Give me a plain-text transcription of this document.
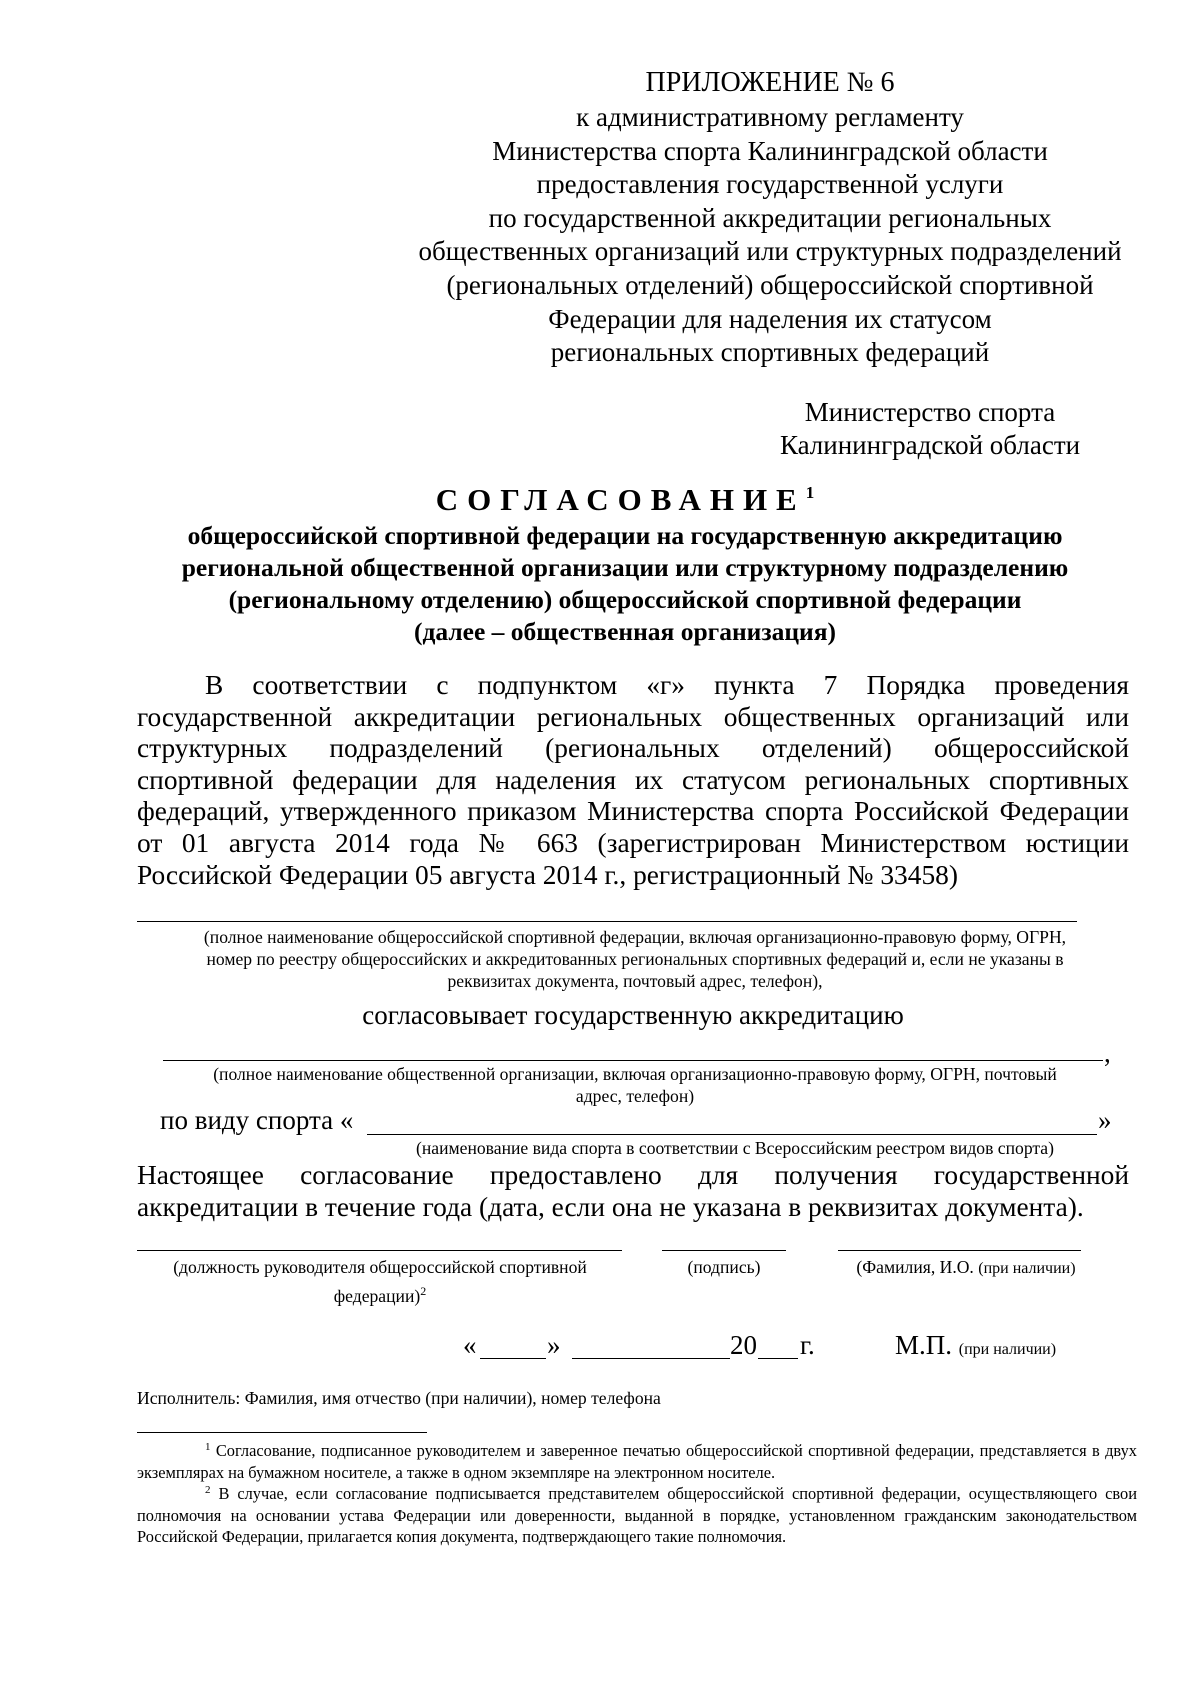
ПРИЛОЖЕНИЕ № 6
к административному регламенту
Министерства спорта Калининградской области
предоставления государственной услуги
по государственной аккредитации региональных
общественных организаций или структурных подразделений
(региональных отделений) общероссийской спортивной
Федерации для наделения их статусом
региональных спортивных федераций
Министерство спорта
Калининградской области
СОГЛАСОВАНИЕ$^1$
общероссийской спортивной федерации на государственную аккредитацию
региональной общественной организации или структурному подразделению
(региональному отделению) общероссийской спортивной федерации
(далее – общественная организация)

В соответствии с подпунктом «г» пункта 7 Порядка проведения государственной аккредитации региональных общественных организаций или структурных подразделений (региональных отделений) общероссийской спортивной федерации для наделения их статусом региональных спортивных федераций, утвержденного приказом Министерства спорта Российской Федерации от 01 августа 2014 года № 663 (зарегистрирован Министерством юстиции Российской Федерации 05 августа 2014 г., регистрационный № 33458)

(полное наименование общероссийской спортивной федерации, включая организационно-правовую форму, ОГРН,
номер по реестру общероссийских и аккредитованных региональных спортивных федераций и, если не указаны в
реквизитах документа, почтовый адрес, телефон),
согласовывает государственную аккредитацию
,
(полное наименование общественной организации, включая организационно-правовую форму, ОГРН, почтовый
адрес, телефон)
по виду спорта «	»
(наименование вида спорта в соответствии с Всероссийским реестром видов спорта)
Настоящее согласование предоставлено для получения государственной
аккредитации в течение года (дата, если она не указана в реквизитах документа).
(должность руководителя общероссийской спортивной
федерации)$^2$
(подпись)	(Фамилия, И.О. (при наличии)
«	»	20 г.	М.П. (при наличии)
Исполнитель: Фамилия, имя отчество (при наличии), номер телефона

$^1$ Согласование, подписанное руководителем и заверенное печатью общероссийской спортивной федерации, представляется в двух экземплярах на бумажном носителе, а также в одном экземпляре на электронном носителе.

$^2$ В случае, если согласование подписывается представителем общероссийской спортивной федерации, осуществляющего свои полномочия на основании устава Федерации или доверенности, выданной в порядке, установленном гражданским законодательством Российской Федерации, прилагается копия документа, подтверждающего такие полномочия.
